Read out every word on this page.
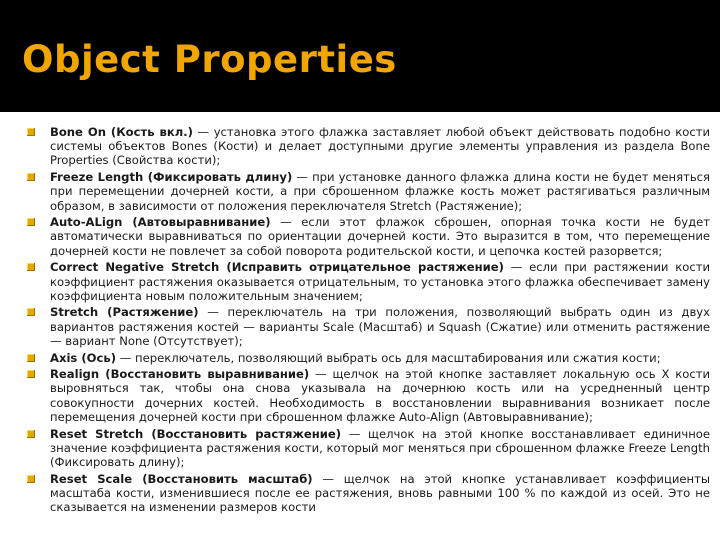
Object Properties
Bone On (Кость вкл.) — установка этого флажка заставляет любой объект действовать подобно кости системы объектов Bones (Кости) и делает доступными другие элементы управления из раздела Bone Properties (Свойства кости);
Freeze Length (Фиксировать длину) — при установке данного флажка длина кости не будет меняться при перемещении дочерней кости, а при сброшенном флажке кость может растягиваться различным образом, в зависимости от положения переключателя Stretch (Растяжение);
Auto-ALign (Автовыравнивание) — если этот флажок сброшен, опорная точка кости не будет автоматически выравниваться по ориентации дочерней кости. Это выразится в том, что перемещение дочерней кости не повлечет за собой поворота родительской кости, и цепочка костей разорвется;
Correct Negative Stretch (Исправить отрицательное растяжение) — если при растяжении кости коэффициент растяжения оказывается отрицательным, то установка этого флажка обеспечивает замену коэффициента новым положительным значением;
Stretch (Растяжение) — переключатель на три положения, позволяющий выбрать один из двух вариантов растяжения костей — варианты Scale (Масштаб) и Squash (Сжатие) или отменить растяжение — вариант None (Отсутствует);
Axis (Ось) — переключатель, позволяющий выбрать ось для масштабирования или сжатия кости;
Realign (Восстановить выравнивание) — щелчок на этой кнопке заставляет локальную ось X кости выровняться так, чтобы она снова указывала на дочернюю кость или на усредненный центр совокупности дочерних костей. Необходимость в восстановлении выравнивания возникает после перемещения дочерней кости при сброшенном флажке Auto-Align (Автовыравнивание);
Reset Stretch (Восстановить растяжение) — щелчок на этой кнопке восстанавливает единичное значение коэффициента растяжения кости, который мог меняться при сброшенном флажке Freeze Length (Фиксировать длину);
Reset Scale (Восстановить масштаб) — щелчок на этой кнопке устанавливает коэффициенты масштаба кости, изменившиеся после ее растяжения, вновь равными 100 % по каждой из осей. Это не сказывается на изменении размеров кости
